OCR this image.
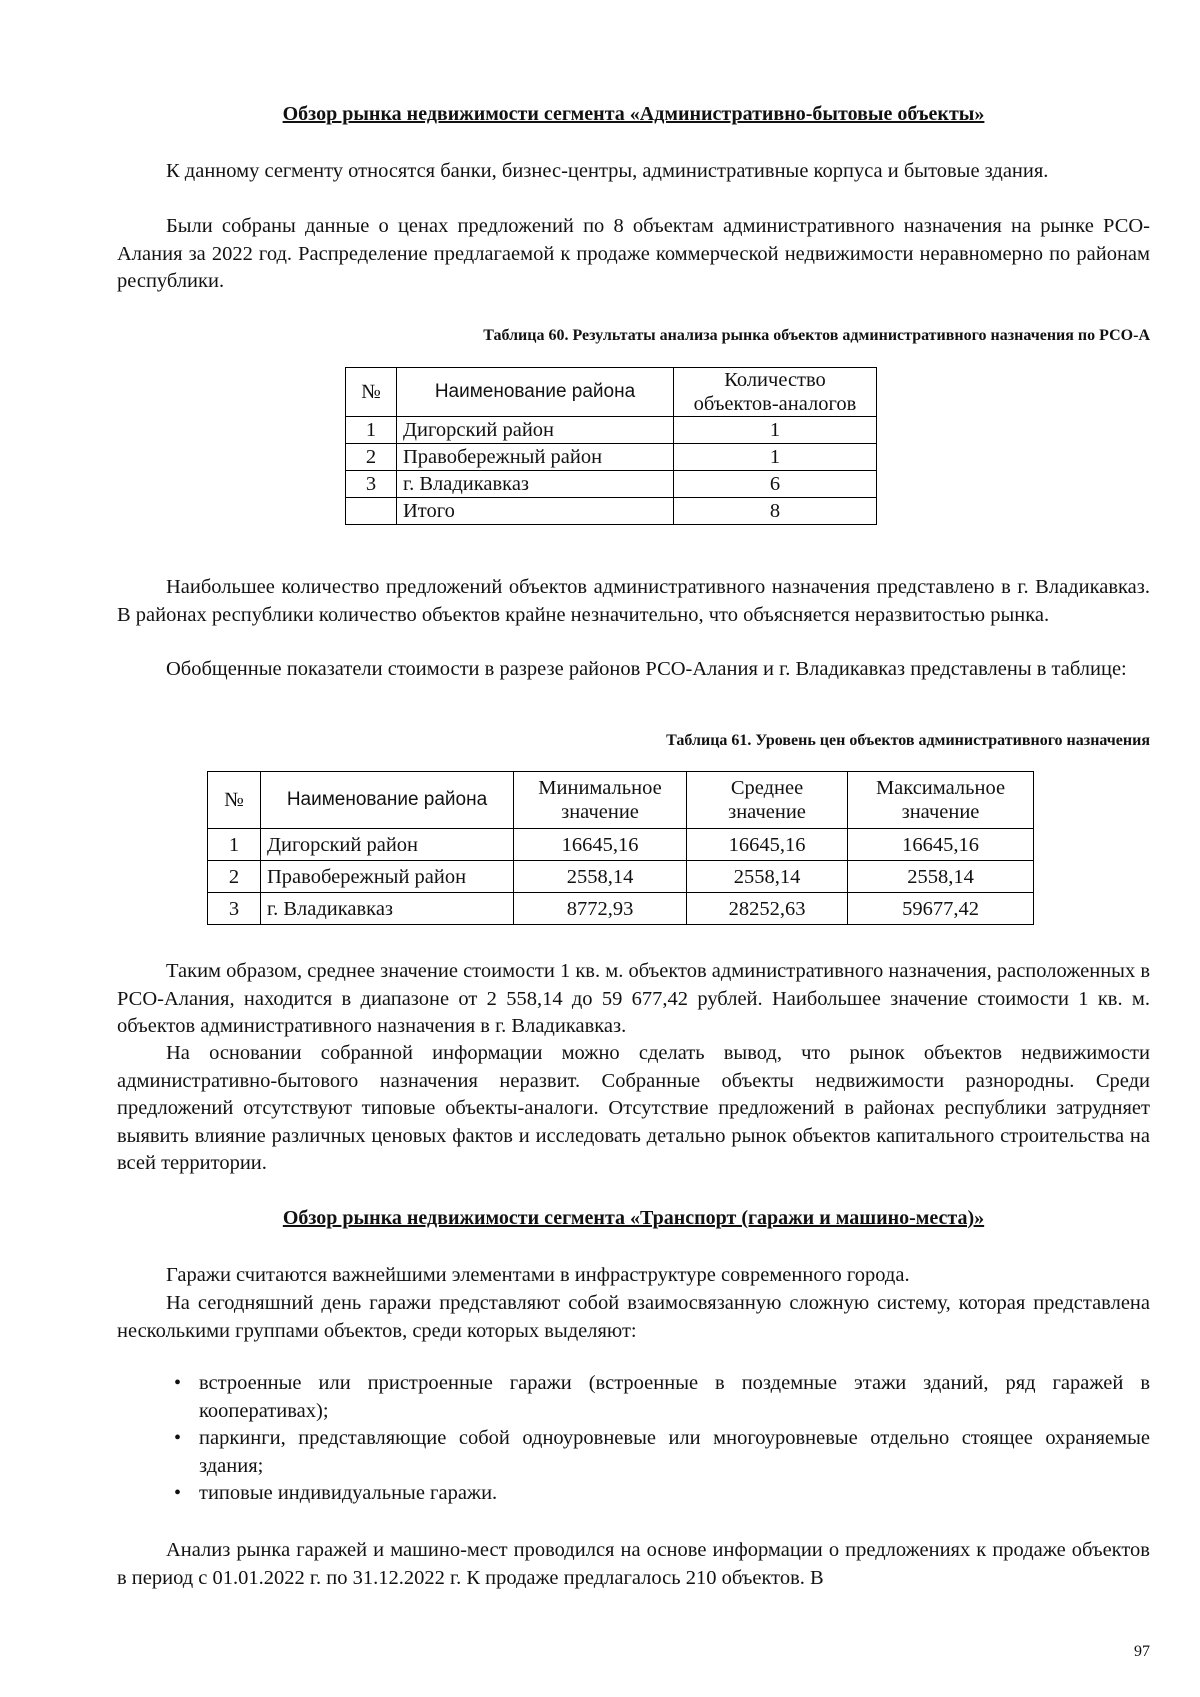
Обзор рынка недвижимости сегмента «Административно-бытовые объекты»

К данному сегменту относятся банки, бизнес-центры, административные корпуса и бытовые здания.

Были собраны данные о ценах предложений по 8 объектам административного назначения на рынке РСО-Алания за 2022 год. Распределение предлагаемой к продаже коммерческой недвижимости неравномерно по районам республики.

Таблица 60. Результаты анализа рынка объектов административного назначения по РСО-А
№	Наименование района	Количество объектов-аналогов
1	Дигорский район	1
2	Правобережный район	1
3	г. Владикавказ	6
	Итого	8

Наибольшее количество предложений объектов административного назначения представлено в г. Владикавказ. В районах республики количество объектов крайне незначительно, что объясняется неразвитостью рынка.

Обобщенные показатели стоимости в разрезе районов РСО-Алания и г. Владикавказ представлены в таблице:

Таблица 61. Уровень цен объектов административного назначения
№	Наименование района	Минимальное значение	Среднее значение	Максимальное значение
1	Дигорский район	16645,16	16645,16	16645,16
2	Правобережный район	2558,14	2558,14	2558,14
3	г. Владикавказ	8772,93	28252,63	59677,42

Таким образом, среднее значение стоимости 1 кв. м. объектов административного назначения, расположенных в РСО-Алания, находится в диапазоне от 2 558,14 до 59 677,42 рублей. Наибольшее значение стоимости 1 кв. м. объектов административного назначения в г. Владикавказ.

На основании собранной информации можно сделать вывод, что рынок объектов недвижимости административно-бытового назначения неразвит. Собранные объекты недвижимости разнородны. Среди предложений отсутствуют типовые объекты-аналоги. Отсутствие предложений в районах республики затрудняет выявить влияние различных ценовых фактов и исследовать детально рынок объектов капитального строительства на всей территории.

Обзор рынка недвижимости сегмента «Транспорт (гаражи и машино-места)»

Гаражи считаются важнейшими элементами в инфраструктуре современного города.

На сегодняшний день гаражи представляют собой взаимосвязанную сложную систему, которая представлена несколькими группами объектов, среди которых выделяют:

• встроенные или пристроенные гаражи (встроенные в поздемные этажи зданий, ряд гаражей в кооперативах);
• паркинги, представляющие собой одноуровневые или многоуровневые отдельно стоящее охраняемые здания;
• типовые индивидуальные гаражи.

Анализ рынка гаражей и машино-мест проводился на основе информации о предложениях к продаже объектов в период с 01.01.2022 г. по 31.12.2022 г. К продаже предлагалось 210 объектов. В

97
